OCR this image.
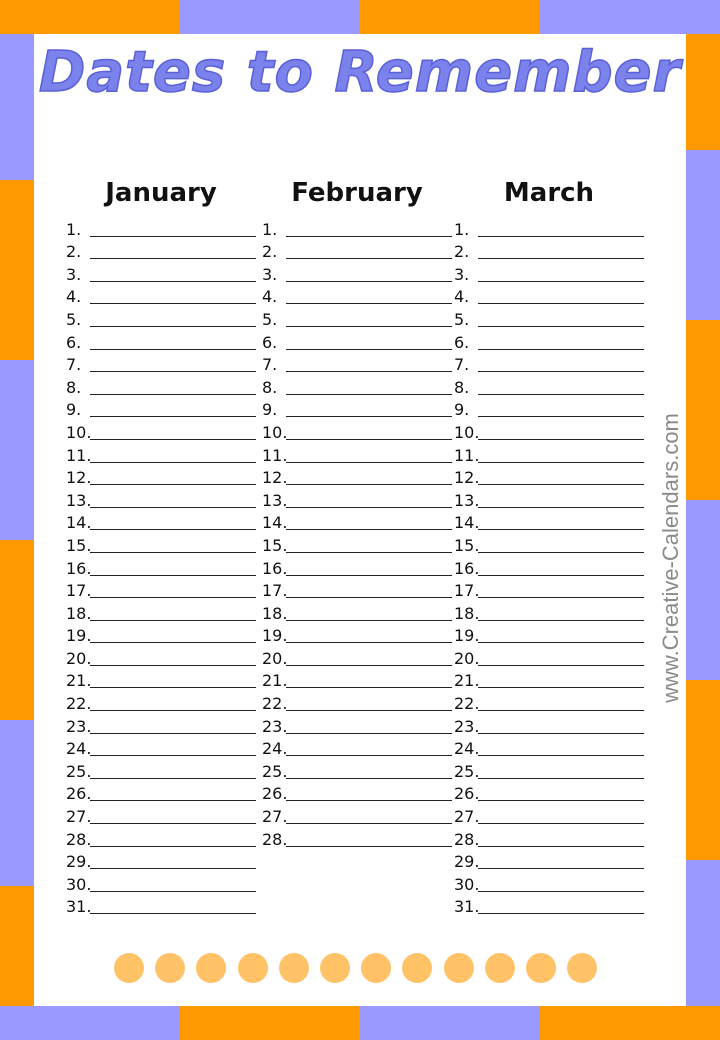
Dates to Remember
January
1.
2.
3.
4.
5.
6.
7.
8.
9.
10.
11.
12.
13.
14.
15.
16.
17.
18.
19.
20.
21.
22.
23.
24.
25.
26.
27.
28.
29.
30.
31.
February
1.
2.
3.
4.
5.
6.
7.
8.
9.
10.
11.
12.
13.
14.
15.
16.
17.
18.
19.
20.
21.
22.
23.
24.
25.
26.
27.
28.
March
1.
2.
3.
4.
5.
6.
7.
8.
9.
10.
11.
12.
13.
14.
15.
16.
17.
18.
19.
20.
21.
22.
23.
24.
25.
26.
27.
28.
29.
30.
31.
www.Creative-Calendars.com
